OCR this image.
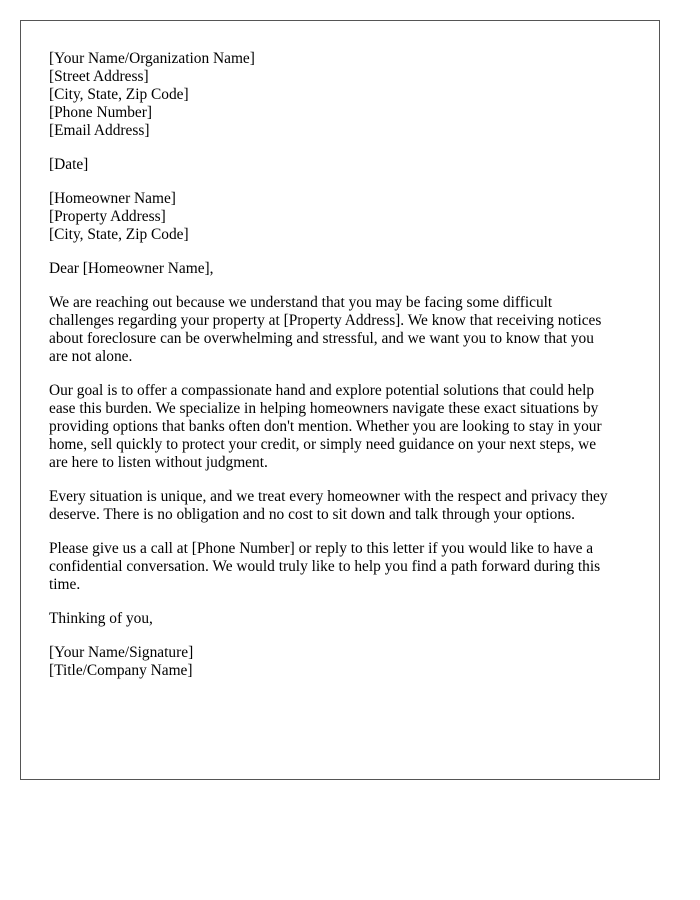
[Your Name/Organization Name]
[Street Address]
[City, State, Zip Code]
[Phone Number]
[Email Address]
[Date]
[Homeowner Name]
[Property Address]
[City, State, Zip Code]
Dear [Homeowner Name],

We are reaching out because we understand that you may be facing some difficult
challenges regarding your property at [Property Address]. We know that receiving notices
about foreclosure can be overwhelming and stressful, and we want you to know that you
are not alone.

Our goal is to offer a compassionate hand and explore potential solutions that could help
ease this burden. We specialize in helping homeowners navigate these exact situations by
providing options that banks often don't mention. Whether you are looking to stay in your
home, sell quickly to protect your credit, or simply need guidance on your next steps, we
are here to listen without judgment.

Every situation is unique, and we treat every homeowner with the respect and privacy they
deserve. There is no obligation and no cost to sit down and talk through your options.

Please give us a call at [Phone Number] or reply to this letter if you would like to have a
confidential conversation. We would truly like to help you find a path forward during this
time.

Thinking of you,
[Your Name/Signature]
[Title/Company Name]
